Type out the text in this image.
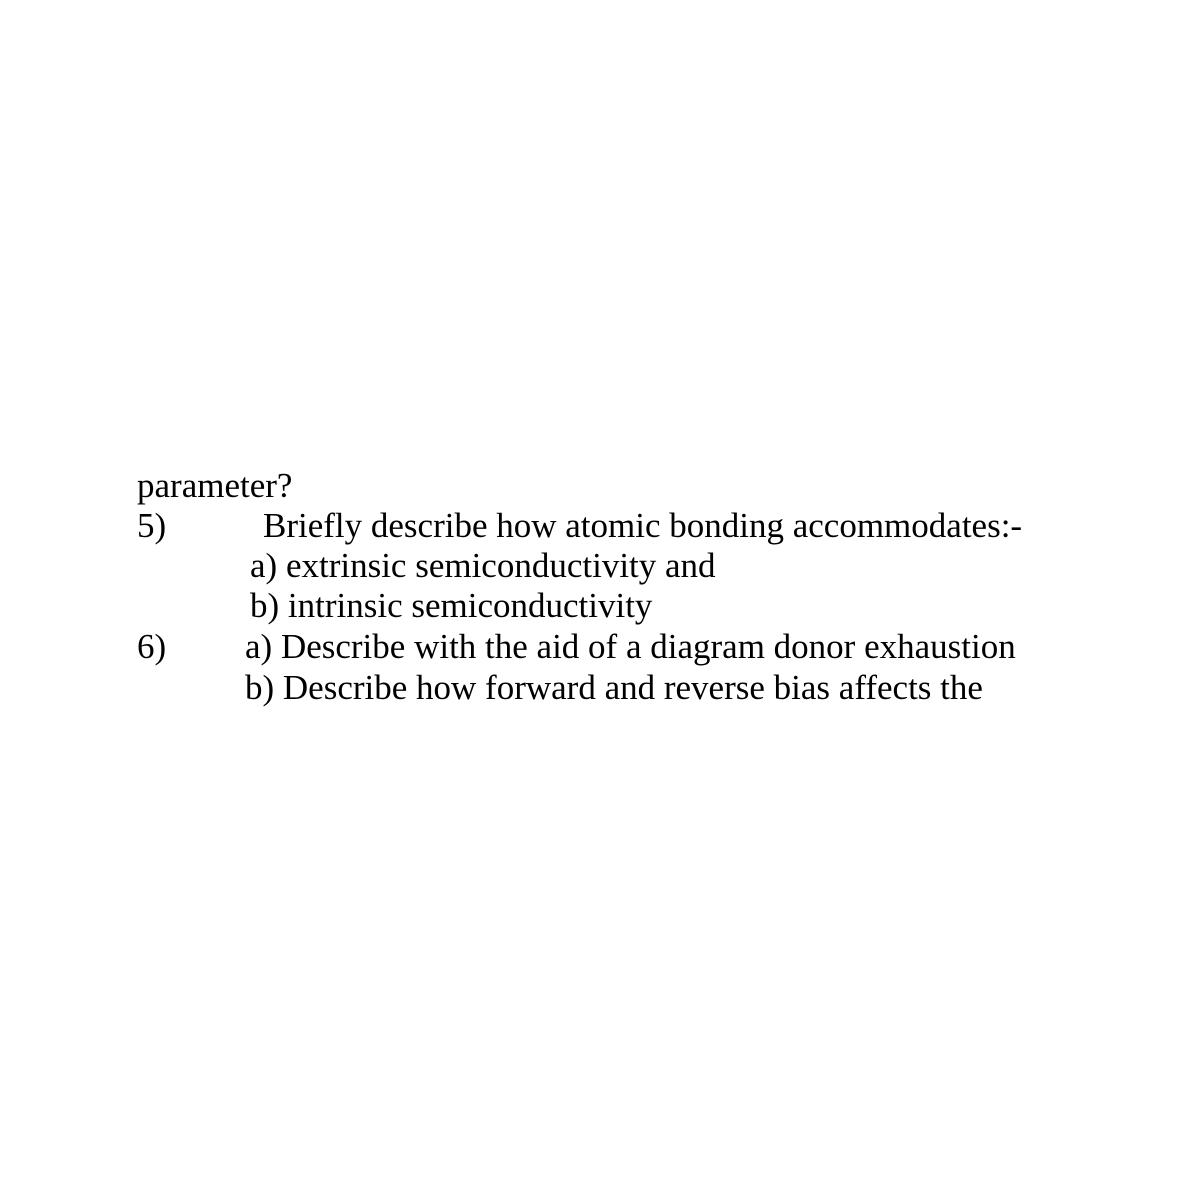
parameter?
5)	Briefly describe how atomic bonding accommodates:-
a) extrinsic semiconductivity and
b) intrinsic semiconductivity
6) a) Describe with the aid of a diagram donor exhaustion
b) Describe how forward and reverse bias affects the
